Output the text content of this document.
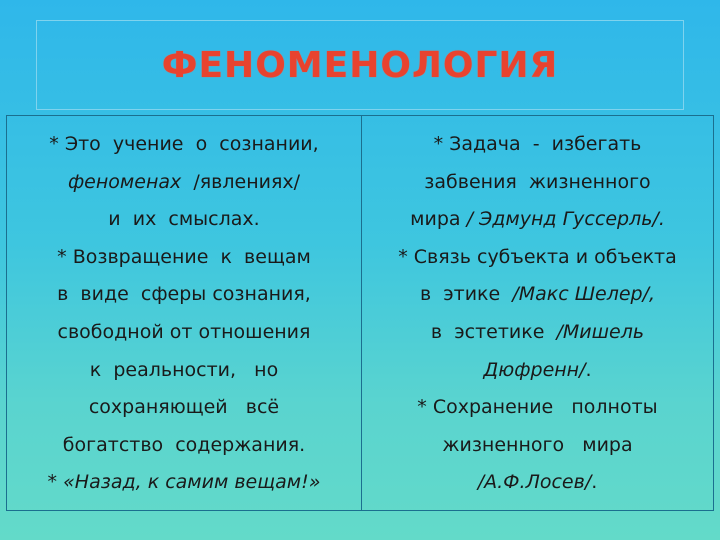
ФЕНОМЕНОЛОГИЯ
* Это  учение  о  сознании,
феноменах  /явлениях/
и  их  смыслах.
* Возвращение  к  вещам
в  виде  сферы сознания,
свободной от отношения
к  реальности,   но
сохраняющей   всё
богатство  содержания.
* «Назад, к самим вещам!»
* Задача  -  избегать
забвения  жизненного
мира / Эдмунд Гуссерль/.
* Связь субъекта и объекта
в  этике  /Макс Шелер/,
в  эстетике  /Мишель
Дюфренн/.
* Сохранение   полноты
жизненного   мира
/А.Ф.Лосев/.
